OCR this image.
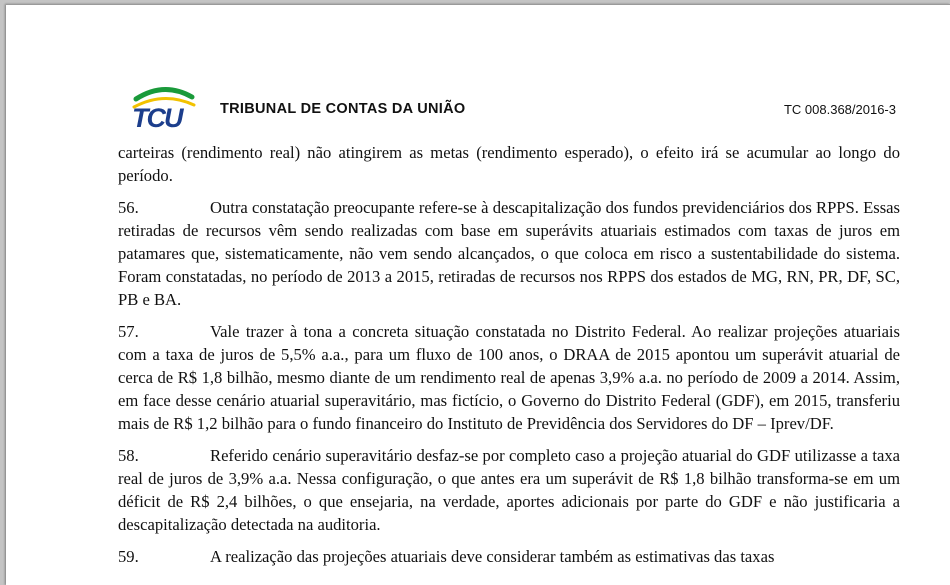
TCU	TRIBUNAL DE CONTAS DA UNIÃO	TC 008.368/2016-3

carteiras (rendimento real) não atingirem as metas (rendimento esperado), o efeito irá se acumular ao longo do período.

56.	Outra constatação preocupante refere-se à descapitalização dos fundos previdenciários dos RPPS. Essas retiradas de recursos vêm sendo realizadas com base em superávits atuariais estimados com taxas de juros em patamares que, sistematicamente, não vem sendo alcançados, o que coloca em risco a sustentabilidade do sistema. Foram constatadas, no período de 2013 a 2015, retiradas de recursos nos RPPS dos estados de MG, RN, PR, DF, SC, PB e BA.

57.	Vale trazer à tona a concreta situação constatada no Distrito Federal. Ao realizar projeções atuariais com a taxa de juros de 5,5% a.a., para um fluxo de 100 anos, o DRAA de 2015 apontou um superávit atuarial de cerca de R$ 1,8 bilhão, mesmo diante de um rendimento real de apenas 3,9% a.a. no período de 2009 a 2014. Assim, em face desse cenário atuarial superavitário, mas fictício, o Governo do Distrito Federal (GDF), em 2015, transferiu mais de R$ 1,2 bilhão para o fundo financeiro do Instituto de Previdência dos Servidores do DF – Iprev/DF.

58.	Referido cenário superavitário desfaz-se por completo caso a projeção atuarial do GDF utilizasse a taxa real de juros de 3,9% a.a. Nessa configuração, o que antes era um superávit de R$ 1,8 bilhão transforma-se em um déficit de R$ 2,4 bilhões, o que ensejaria, na verdade, aportes adicionais por parte do GDF e não justificaria a descapitalização detectada na auditoria.

59.	A realização das projeções atuariais deve considerar também as estimativas das taxas
